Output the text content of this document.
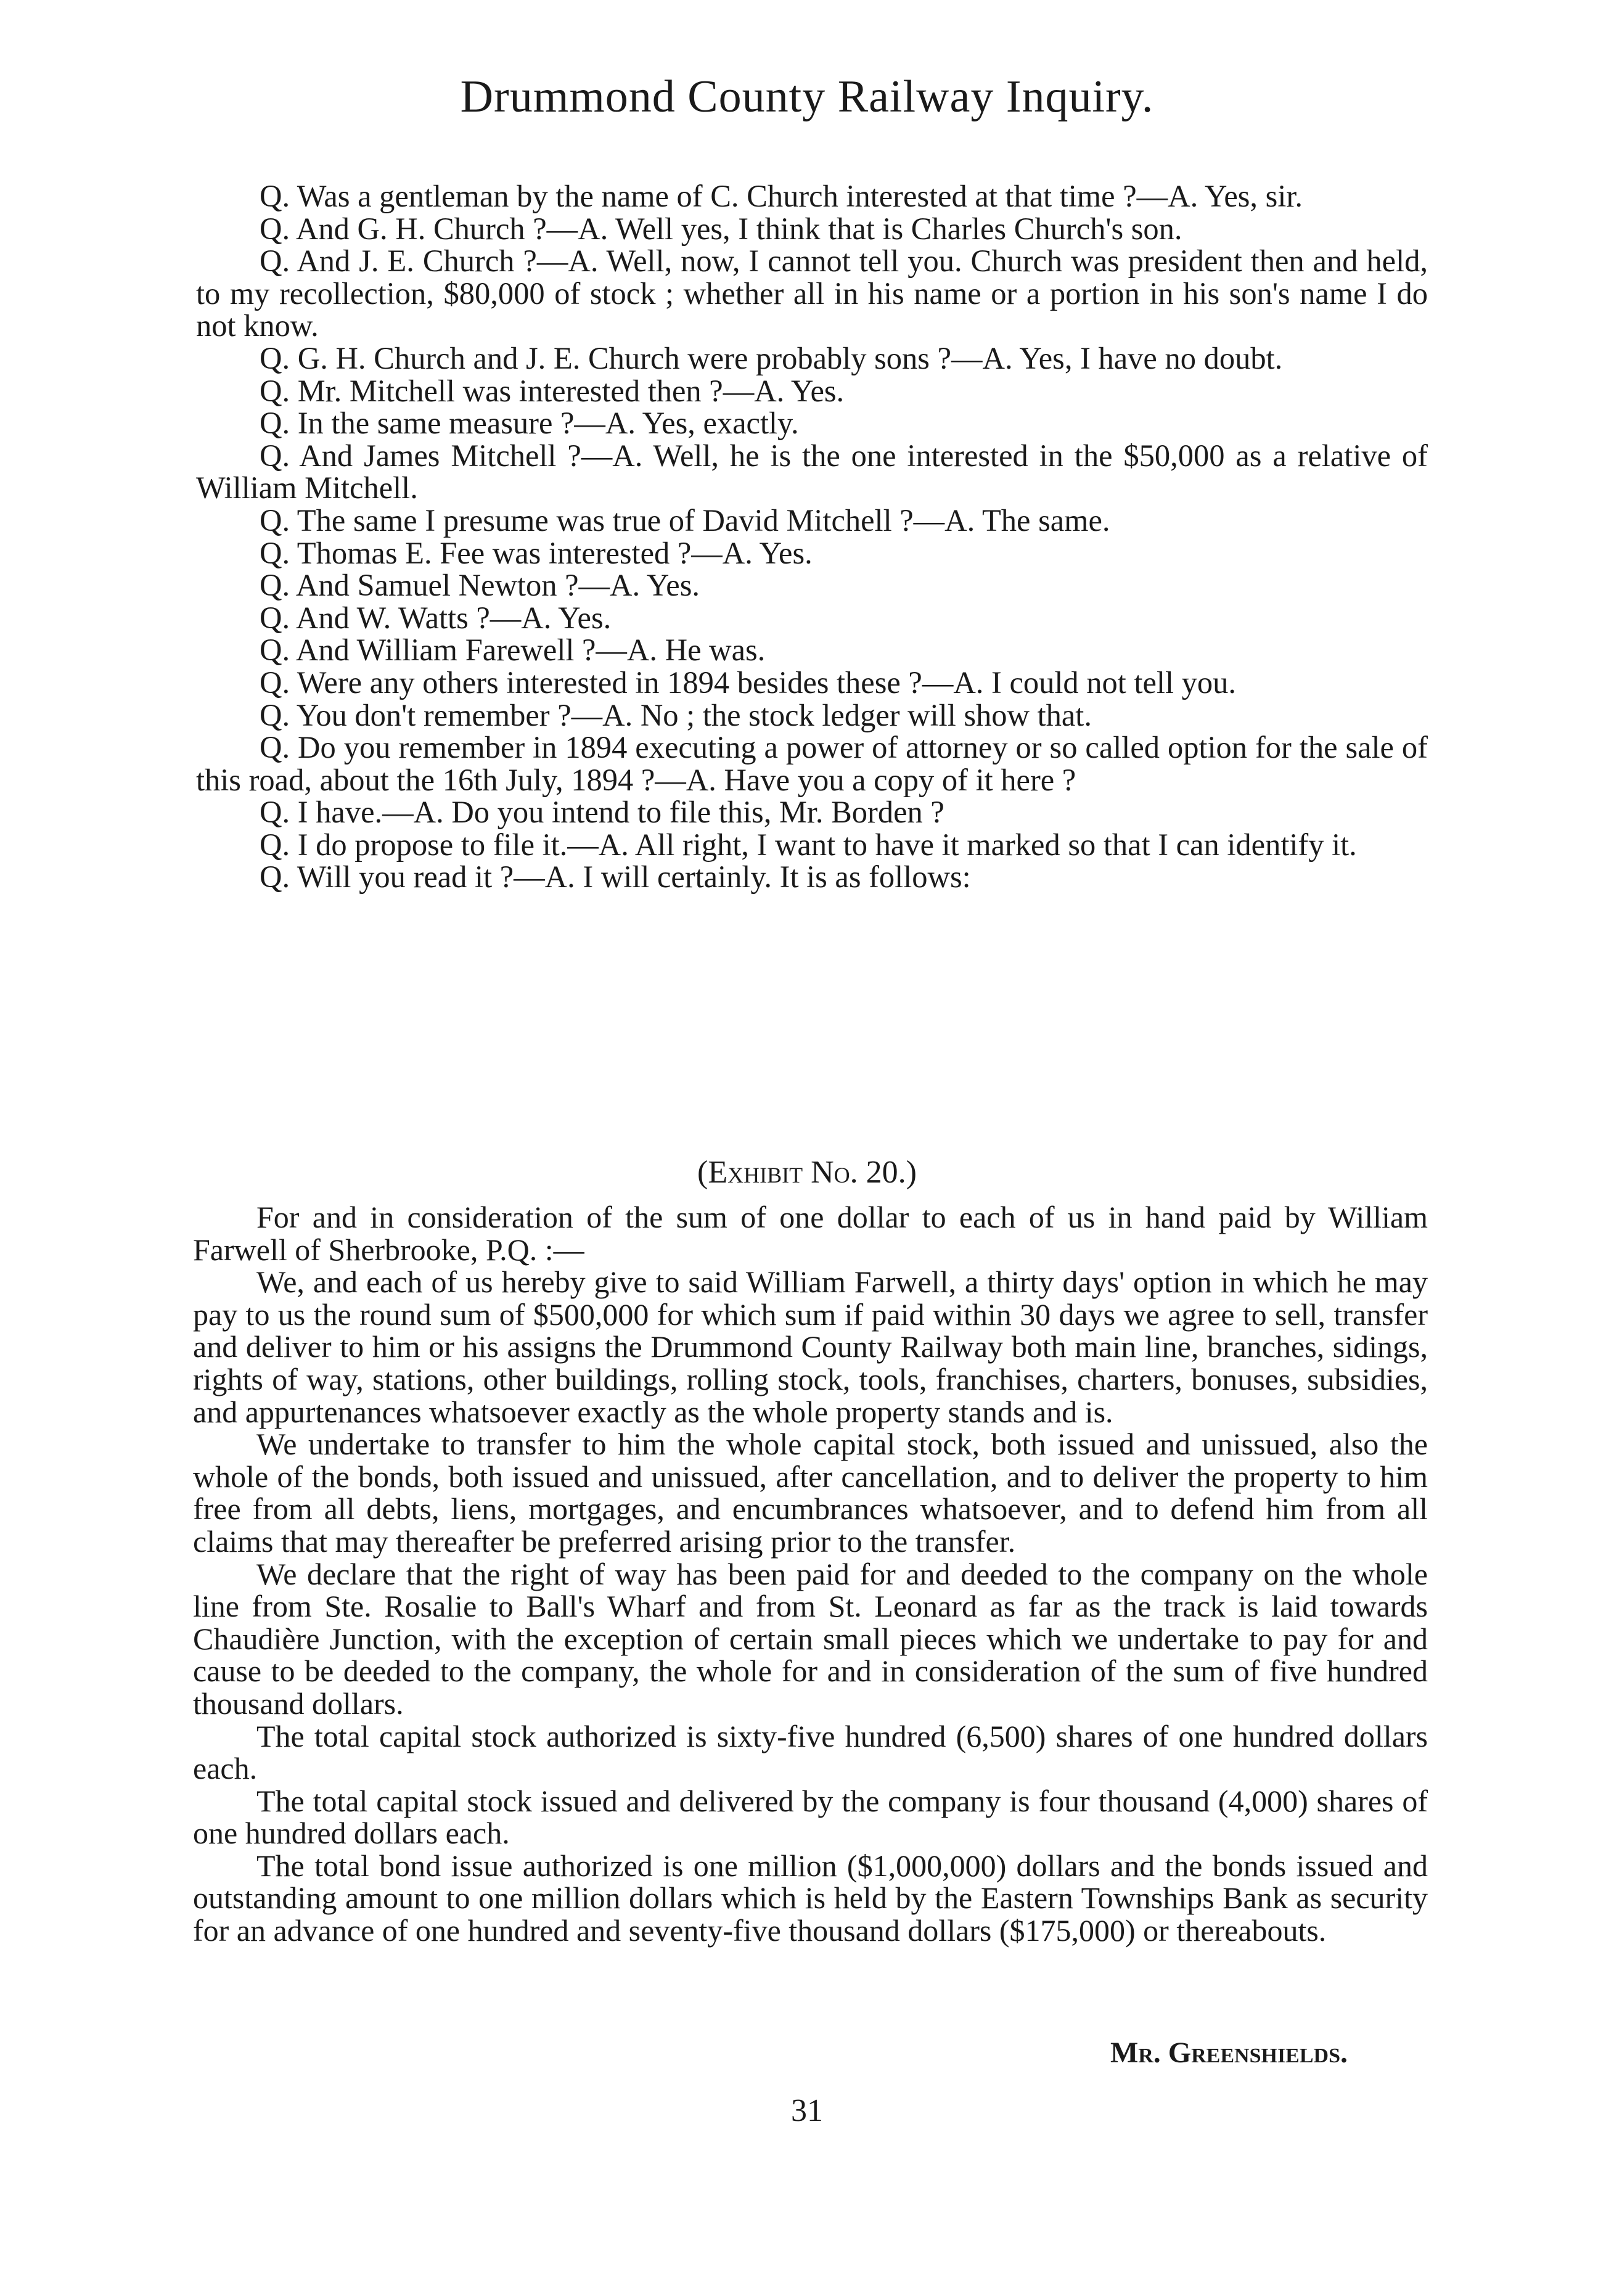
Drummond County Railway Inquiry.

Q. Was a gentleman by the name of C. Church interested at that time ?—A. Yes, sir.

Q. And G. H. Church ?—A. Well yes, I think that is Charles Church's son.

Q. And J. E. Church ?—A. Well, now, I cannot tell you. Church was president then and held, to my recollection, $80,000 of stock ; whether all in his name or a portion in his son's name I do not know.

Q. G. H. Church and J. E. Church were probably sons ?—A. Yes, I have no doubt.

Q. Mr. Mitchell was interested then ?—A. Yes.

Q. In the same measure ?—A. Yes, exactly.

Q. And James Mitchell ?—A. Well, he is the one interested in the $50,000 as a relative of William Mitchell.

Q. The same I presume was true of David Mitchell ?—A. The same.

Q. Thomas E. Fee was interested ?—A. Yes.

Q. And Samuel Newton ?—A. Yes.

Q. And W. Watts ?—A. Yes.

Q. And William Farewell ?—A. He was.

Q. Were any others interested in 1894 besides these ?—A. I could not tell you.

Q. You don't remember ?—A. No ; the stock ledger will show that.

Q. Do you remember in 1894 executing a power of attorney or so called option for the sale of this road, about the 16th July, 1894 ?—A. Have you a copy of it here ?

Q. I have.—A. Do you intend to file this, Mr. Borden ?

Q. I do propose to file it.—A. All right, I want to have it marked so that I can identify it.

Q. Will you read it ?—A. I will certainly. It is as follows:

(Exhibit No. 20.)

For and in consideration of the sum of one dollar to each of us in hand paid by William Farwell of Sherbrooke, P.Q. :—

We, and each of us hereby give to said William Farwell, a thirty days' option in which he may pay to us the round sum of $500,000 for which sum if paid within 30 days we agree to sell, transfer and deliver to him or his assigns the Drummond County Railway both main line, branches, sidings, rights of way, stations, other buildings, rolling stock, tools, franchises, charters, bonuses, subsidies, and appurtenances whatsoever exactly as the whole property stands and is.

We undertake to transfer to him the whole capital stock, both issued and unissued, also the whole of the bonds, both issued and unissued, after cancellation, and to deliver the property to him free from all debts, liens, mortgages, and encumbrances whatsoever, and to defend him from all claims that may thereafter be preferred arising prior to the transfer.

We declare that the right of way has been paid for and deeded to the company on the whole line from Ste. Rosalie to Ball's Wharf and from St. Leonard as far as the track is laid towards Chaudière Junction, with the exception of certain small pieces which we undertake to pay for and cause to be deeded to the company, the whole for and in consideration of the sum of five hundred thousand dollars.

The total capital stock authorized is sixty-five hundred (6,500) shares of one hundred dollars each.

The total capital stock issued and delivered by the company is four thousand (4,000) shares of one hundred dollars each.

The total bond issue authorized is one million ($1,000,000) dollars and the bonds issued and outstanding amount to one million dollars which is held by the Eastern Townships Bank as security for an advance of one hundred and seventy-five thousand dollars ($175,000) or thereabouts.

Mr. Greenshields.
31
